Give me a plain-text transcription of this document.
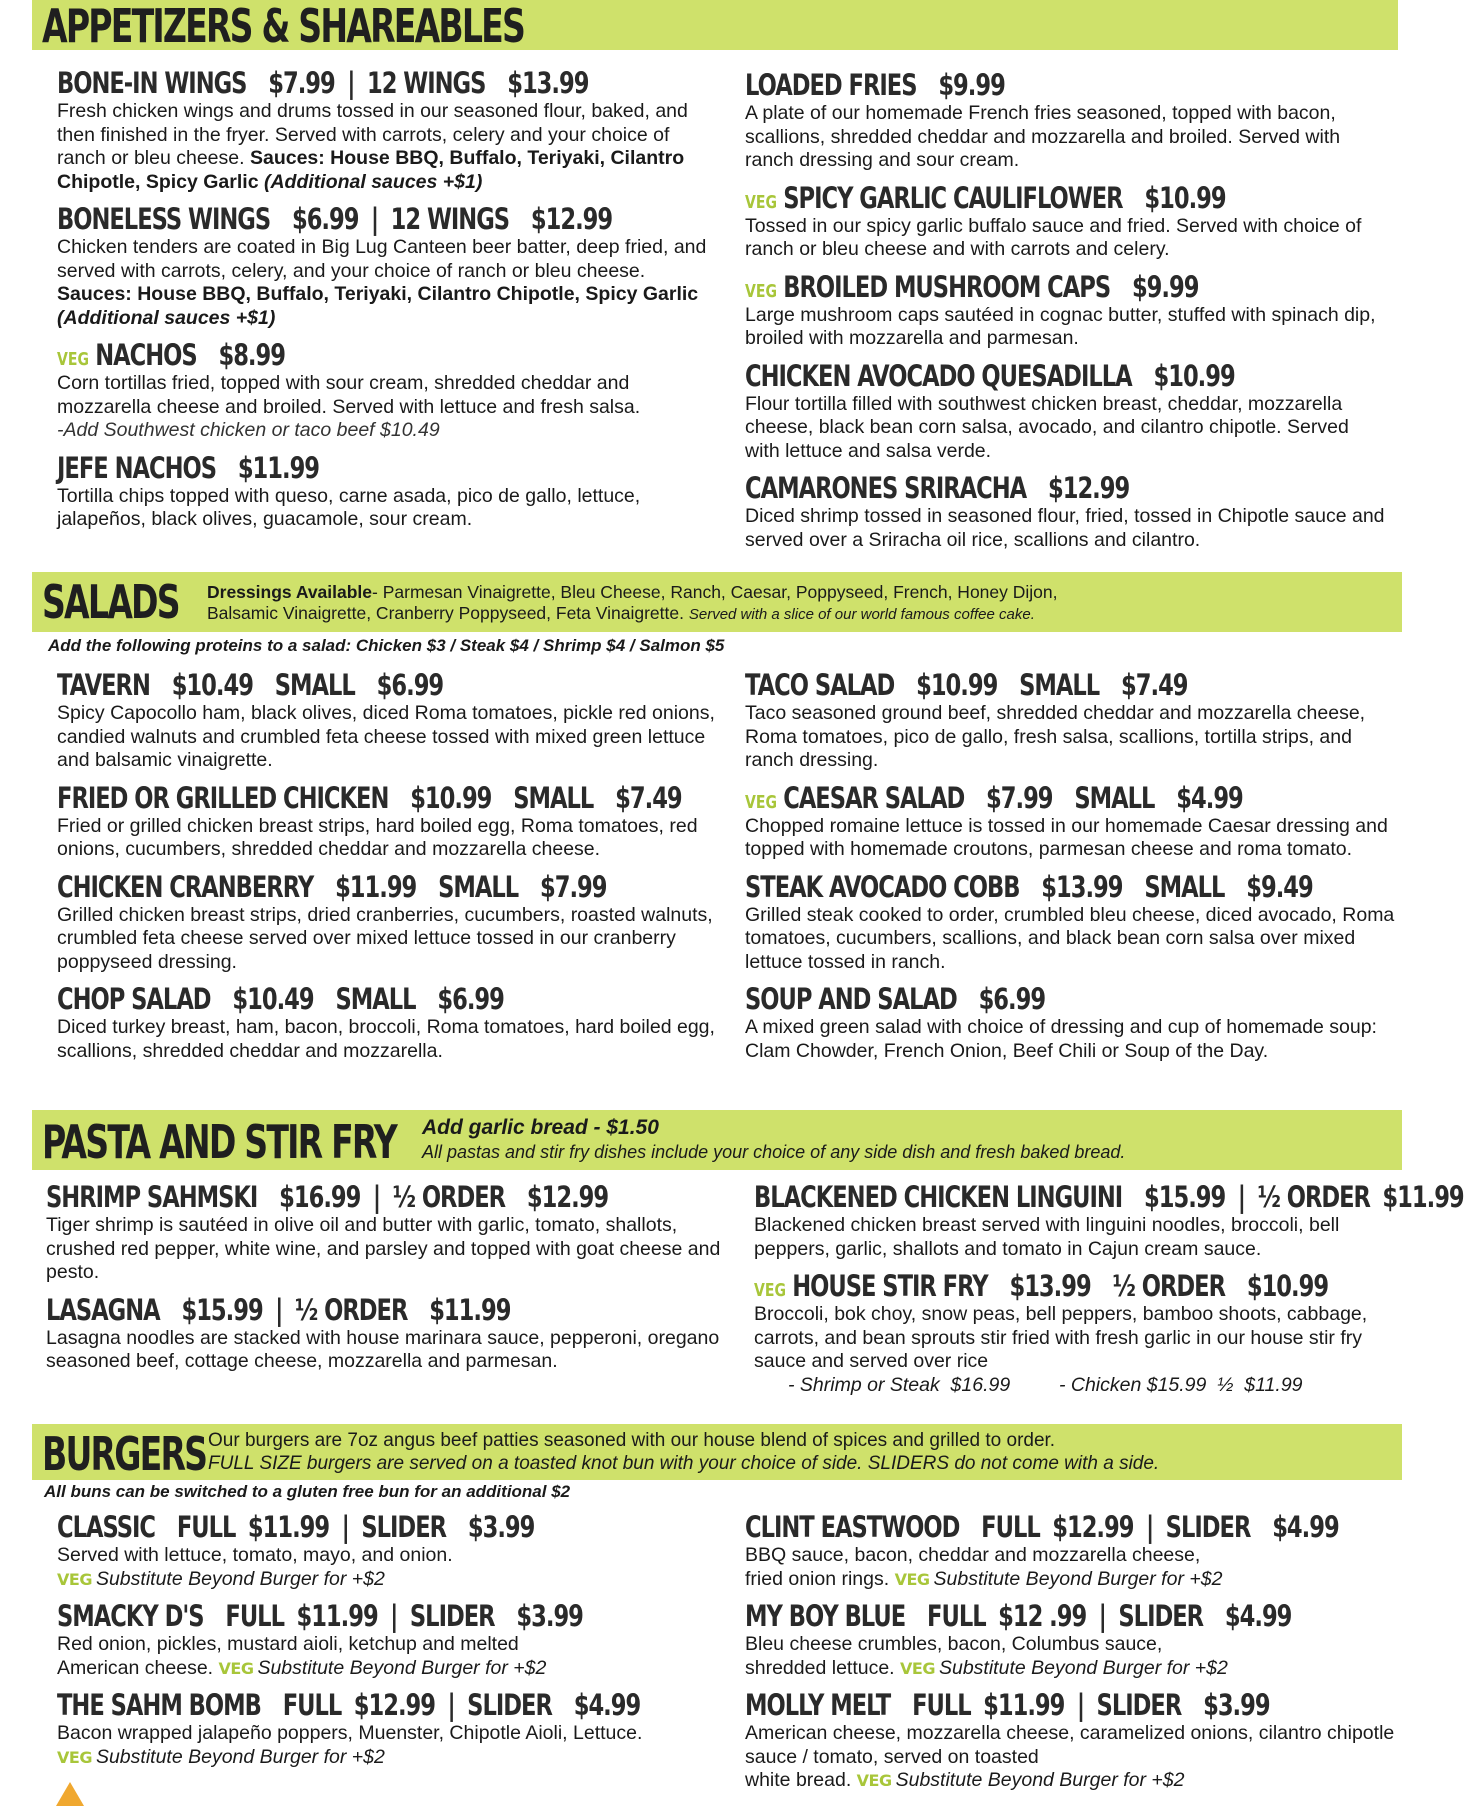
APPETIZERS & SHAREABLES
BONE-IN WINGS $7.99 | 12 WINGS $13.99
Fresh chicken wings and drums tossed in our seasoned flour, baked, and then finished in the fryer. Served with carrots, celery and your choice of ranch or bleu cheese. Sauces: House BBQ, Buffalo, Teriyaki, Cilantro Chipotle, Spicy Garlic (Additional sauces +$1)
BONELESS WINGS $6.99 | 12 WINGS $12.99
Chicken tenders are coated in Big Lug Canteen beer batter, deep fried, and served with carrots, celery, and your choice of ranch or bleu cheese. Sauces: House BBQ, Buffalo, Teriyaki, Cilantro Chipotle, Spicy Garlic (Additional sauces +$1)
VEG NACHOS $8.99
Corn tortillas fried, topped with sour cream, shredded cheddar and mozzarella cheese and broiled. Served with lettuce and fresh salsa.
-Add Southwest chicken or taco beef $10.49
JEFE NACHOS $11.99
Tortilla chips topped with queso, carne asada, pico de gallo, lettuce, jalapeños, black olives, guacamole, sour cream.
LOADED FRIES $9.99
A plate of our homemade French fries seasoned, topped with bacon, scallions, shredded cheddar and mozzarella and broiled. Served with ranch dressing and sour cream.
VEG SPICY GARLIC CAULIFLOWER $10.99
Tossed in our spicy garlic buffalo sauce and fried. Served with choice of ranch or bleu cheese and with carrots and celery.
VEG BROILED MUSHROOM CAPS $9.99
Large mushroom caps sautéed in cognac butter, stuffed with spinach dip, broiled with mozzarella and parmesan.
CHICKEN AVOCADO QUESADILLA $10.99
Flour tortilla filled with southwest chicken breast, cheddar, mozzarella cheese, black bean corn salsa, avocado, and cilantro chipotle. Served with lettuce and salsa verde.
CAMARONES SRIRACHA $12.99
Diced shrimp tossed in seasoned flour, fried, tossed in Chipotle sauce and served over a Sriracha oil rice, scallions and cilantro.
SALADS Dressings Available- Parmesan Vinaigrette, Bleu Cheese, Ranch, Caesar, Poppyseed, French, Honey Dijon,
Balsamic Vinaigrette, Cranberry Poppyseed, Feta Vinaigrette. Served with a slice of our world famous coffee cake.
Add the following proteins to a salad: Chicken $3 / Steak $4 / Shrimp $4 / Salmon $5
TAVERN $10.49 SMALL $6.99
Spicy Capocollo ham, black olives, diced Roma tomatoes, pickle red onions, candied walnuts and crumbled feta cheese tossed with mixed green lettuce and balsamic vinaigrette.
FRIED OR GRILLED CHICKEN $10.99 SMALL $7.49
Fried or grilled chicken breast strips, hard boiled egg, Roma tomatoes, red onions, cucumbers, shredded cheddar and mozzarella cheese.
CHICKEN CRANBERRY $11.99 SMALL $7.99
Grilled chicken breast strips, dried cranberries, cucumbers, roasted walnuts, crumbled feta cheese served over mixed lettuce tossed in our cranberry poppyseed dressing.
CHOP SALAD $10.49 SMALL $6.99
Diced turkey breast, ham, bacon, broccoli, Roma tomatoes, hard boiled egg, scallions, shredded cheddar and mozzarella.
TACO SALAD $10.99 SMALL $7.49
Taco seasoned ground beef, shredded cheddar and mozzarella cheese, Roma tomatoes, pico de gallo, fresh salsa, scallions, tortilla strips, and ranch dressing.
VEG CAESAR SALAD $7.99 SMALL $4.99
Chopped romaine lettuce is tossed in our homemade Caesar dressing and topped with homemade croutons, parmesan cheese and roma tomato.
STEAK AVOCADO COBB $13.99 SMALL $9.49
Grilled steak cooked to order, crumbled bleu cheese, diced avocado, Roma tomatoes, cucumbers, scallions, and black bean corn salsa over mixed lettuce tossed in ranch.
SOUP AND SALAD $6.99
A mixed green salad with choice of dressing and cup of homemade soup: Clam Chowder, French Onion, Beef Chili or Soup of the Day.
PASTA AND STIR FRY Add garlic bread - $1.50
All pastas and stir fry dishes include your choice of any side dish and fresh baked bread.
SHRIMP SAHMSKI $16.99 | ½ ORDER $12.99
Tiger shrimp is sautéed in olive oil and butter with garlic, tomato, shallots, crushed red pepper, white wine, and parsley and topped with goat cheese and pesto.
LASAGNA $15.99 | ½ ORDER $11.99
Lasagna noodles are stacked with house marinara sauce, pepperoni, oregano seasoned beef, cottage cheese, mozzarella and parmesan.
BLACKENED CHICKEN LINGUINI $15.99 | ½ ORDER $11.99
Blackened chicken breast served with linguini noodles, broccoli, bell peppers, garlic, shallots and tomato in Cajun cream sauce.
VEG HOUSE STIR FRY $13.99 ½ ORDER $10.99
Broccoli, bok choy, snow peas, bell peppers, bamboo shoots, cabbage, carrots, and bean sprouts stir fried with fresh garlic in our house stir fry sauce and served over rice
- Shrimp or Steak  $16.99         - Chicken $15.99  ½  $11.99
BURGERS Our burgers are 7oz angus beef patties seasoned with our house blend of spices and grilled to order.
FULL SIZE burgers are served on a toasted knot bun with your choice of side. SLIDERS do not come with a side.
All buns can be switched to a gluten free bun for an additional $2
CLASSIC FULL $11.99 | SLIDER $3.99
Served with lettuce, tomato, mayo, and onion.
VEG Substitute Beyond Burger for +$2
SMACKY D'S FULL $11.99 | SLIDER $3.99
Red onion, pickles, mustard aioli, ketchup and melted
American cheese. VEG Substitute Beyond Burger for +$2
THE SAHM BOMB FULL $12.99 | SLIDER $4.99
Bacon wrapped jalapeño poppers, Muenster, Chipotle Aioli, Lettuce.
VEG Substitute Beyond Burger for +$2
CLINT EASTWOOD FULL $12.99 | SLIDER $4.99
BBQ sauce, bacon, cheddar and mozzarella cheese,
fried onion rings. VEG Substitute Beyond Burger for +$2
MY BOY BLUE FULL $12 .99 | SLIDER $4.99
Bleu cheese crumbles, bacon, Columbus sauce,
shredded lettuce. VEG Substitute Beyond Burger for +$2
MOLLY MELT FULL $11.99 | SLIDER $3.99
American cheese, mozzarella cheese, caramelized onions, cilantro chipotle sauce / tomato, served on toasted
white bread. VEG Substitute Beyond Burger for +$2
